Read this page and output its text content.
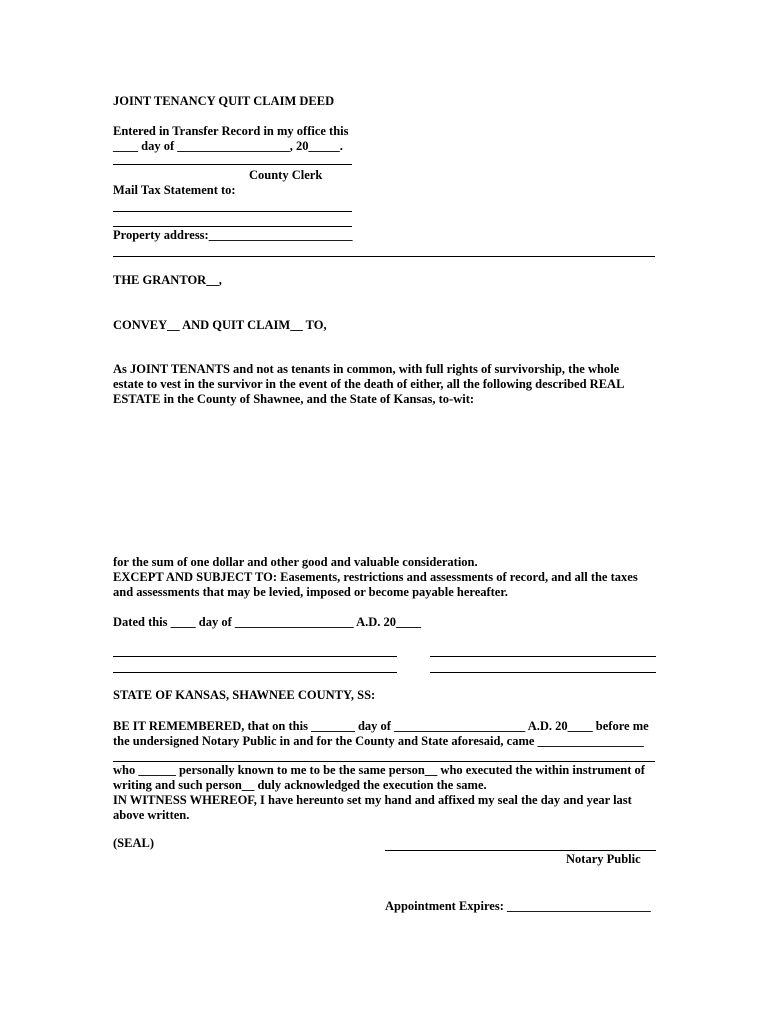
JOINT TENANCY QUIT CLAIM DEED
Entered in Transfer Record in my office this
____ day of __________________, 20_____.
County Clerk
Mail Tax Statement to:
Property address:_______________________
THE GRANTOR__,
CONVEY__ AND QUIT CLAIM__ TO,
As JOINT TENANTS and not as tenants in common, with full rights of survivorship, the whole
estate to vest in the survivor in the event of the death of either, all the following described REAL
ESTATE in the County of Shawnee, and the State of Kansas, to-wit:
for the sum of one dollar and other good and valuable consideration.
EXCEPT AND SUBJECT TO: Easements, restrictions and assessments of record, and all the taxes
and assessments that may be levied, imposed or become payable hereafter.
Dated this ____ day of ___________________ A.D. 20____
STATE OF KANSAS, SHAWNEE COUNTY, SS:
BE IT REMEMBERED, that on this _______ day of _____________________ A.D. 20____ before me
the undersigned Notary Public in and for the County and State aforesaid, came _________________
who ______ personally known to me to be the same person__ who executed the within instrument of
writing and such person__ duly acknowledged the execution the same.
IN WITNESS WHEREOF, I have hereunto set my hand and affixed my seal the day and year last
above written.
(SEAL)
Notary Public
Appointment Expires: _______________________
